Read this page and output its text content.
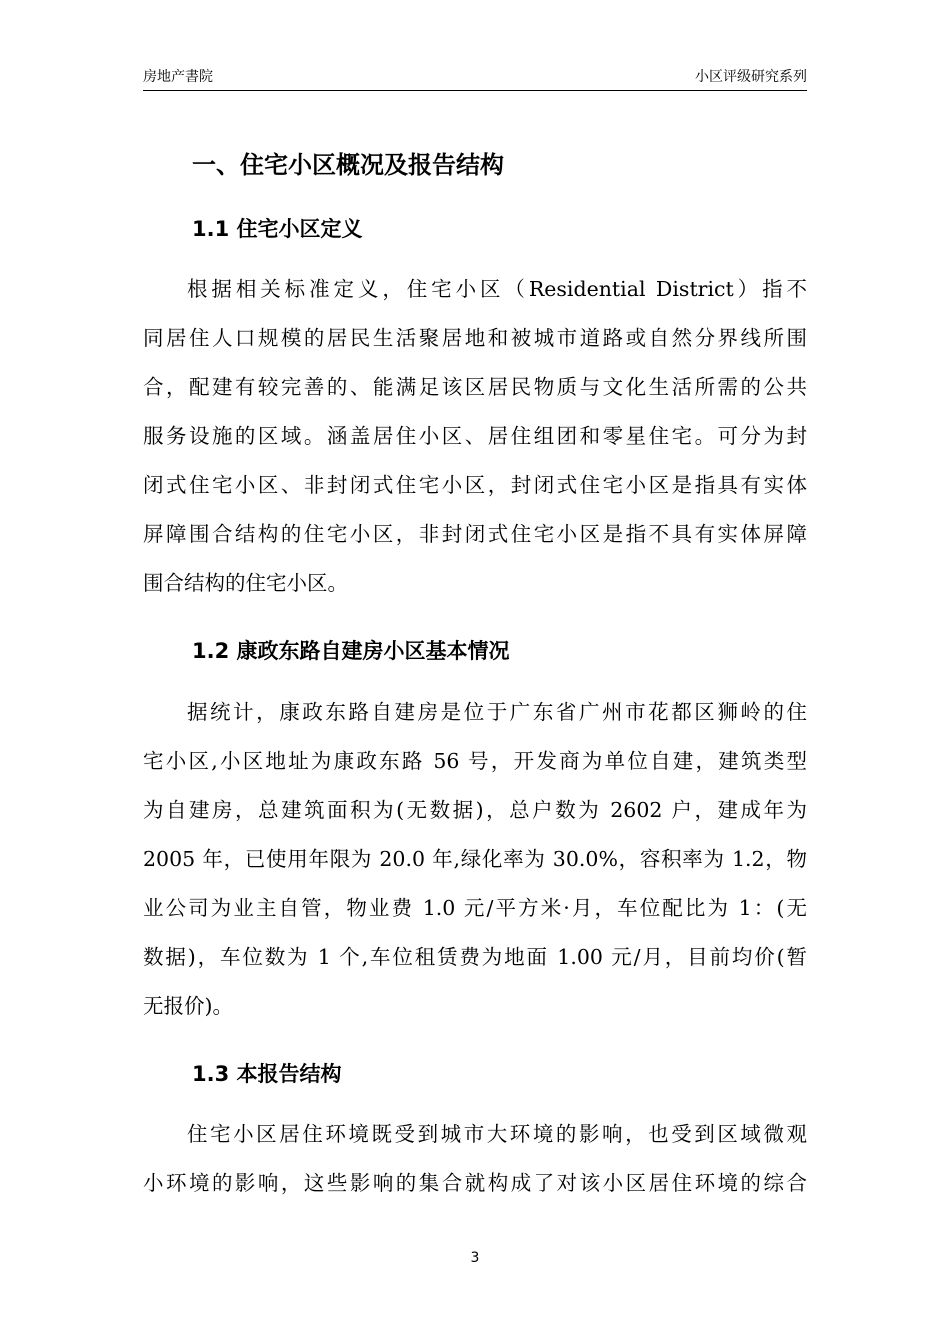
房地产書院	小区评级研究系列
一、住宅小区概况及报告结构
1.1 住宅小区定义
根据相关标准定义，住宅小区（Residential District）指不
同居住人口规模的居民生活聚居地和被城市道路或自然分界线所围
合，配建有较完善的、能满足该区居民物质与文化生活所需的公共
服务设施的区域。涵盖居住小区、居住组团和零星住宅。可分为封
闭式住宅小区、非封闭式住宅小区，封闭式住宅小区是指具有实体
屏障围合结构的住宅小区，非封闭式住宅小区是指不具有实体屏障
围合结构的住宅小区。
1.2 康政东路自建房小区基本情况
据统计，康政东路自建房是位于广东省广州市花都区狮岭的住
宅小区,小区地址为康政东路 56 号，开发商为单位自建，建筑类型
为自建房，总建筑面积为(无数据)，总户数为 2602 户，建成年为
2005 年，已使用年限为 20.0 年,绿化率为 30.0%，容积率为 1.2，物
业公司为业主自管，物业费 1.0 元/平方米·月，车位配比为 1：(无
数据)，车位数为 1 个,车位租赁费为地面 1.00 元/月，目前均价(暂
无报价)。
1.3 本报告结构
住宅小区居住环境既受到城市大环境的影响，也受到区域微观
小环境的影响，这些影响的集合就构成了对该小区居住环境的综合
3
